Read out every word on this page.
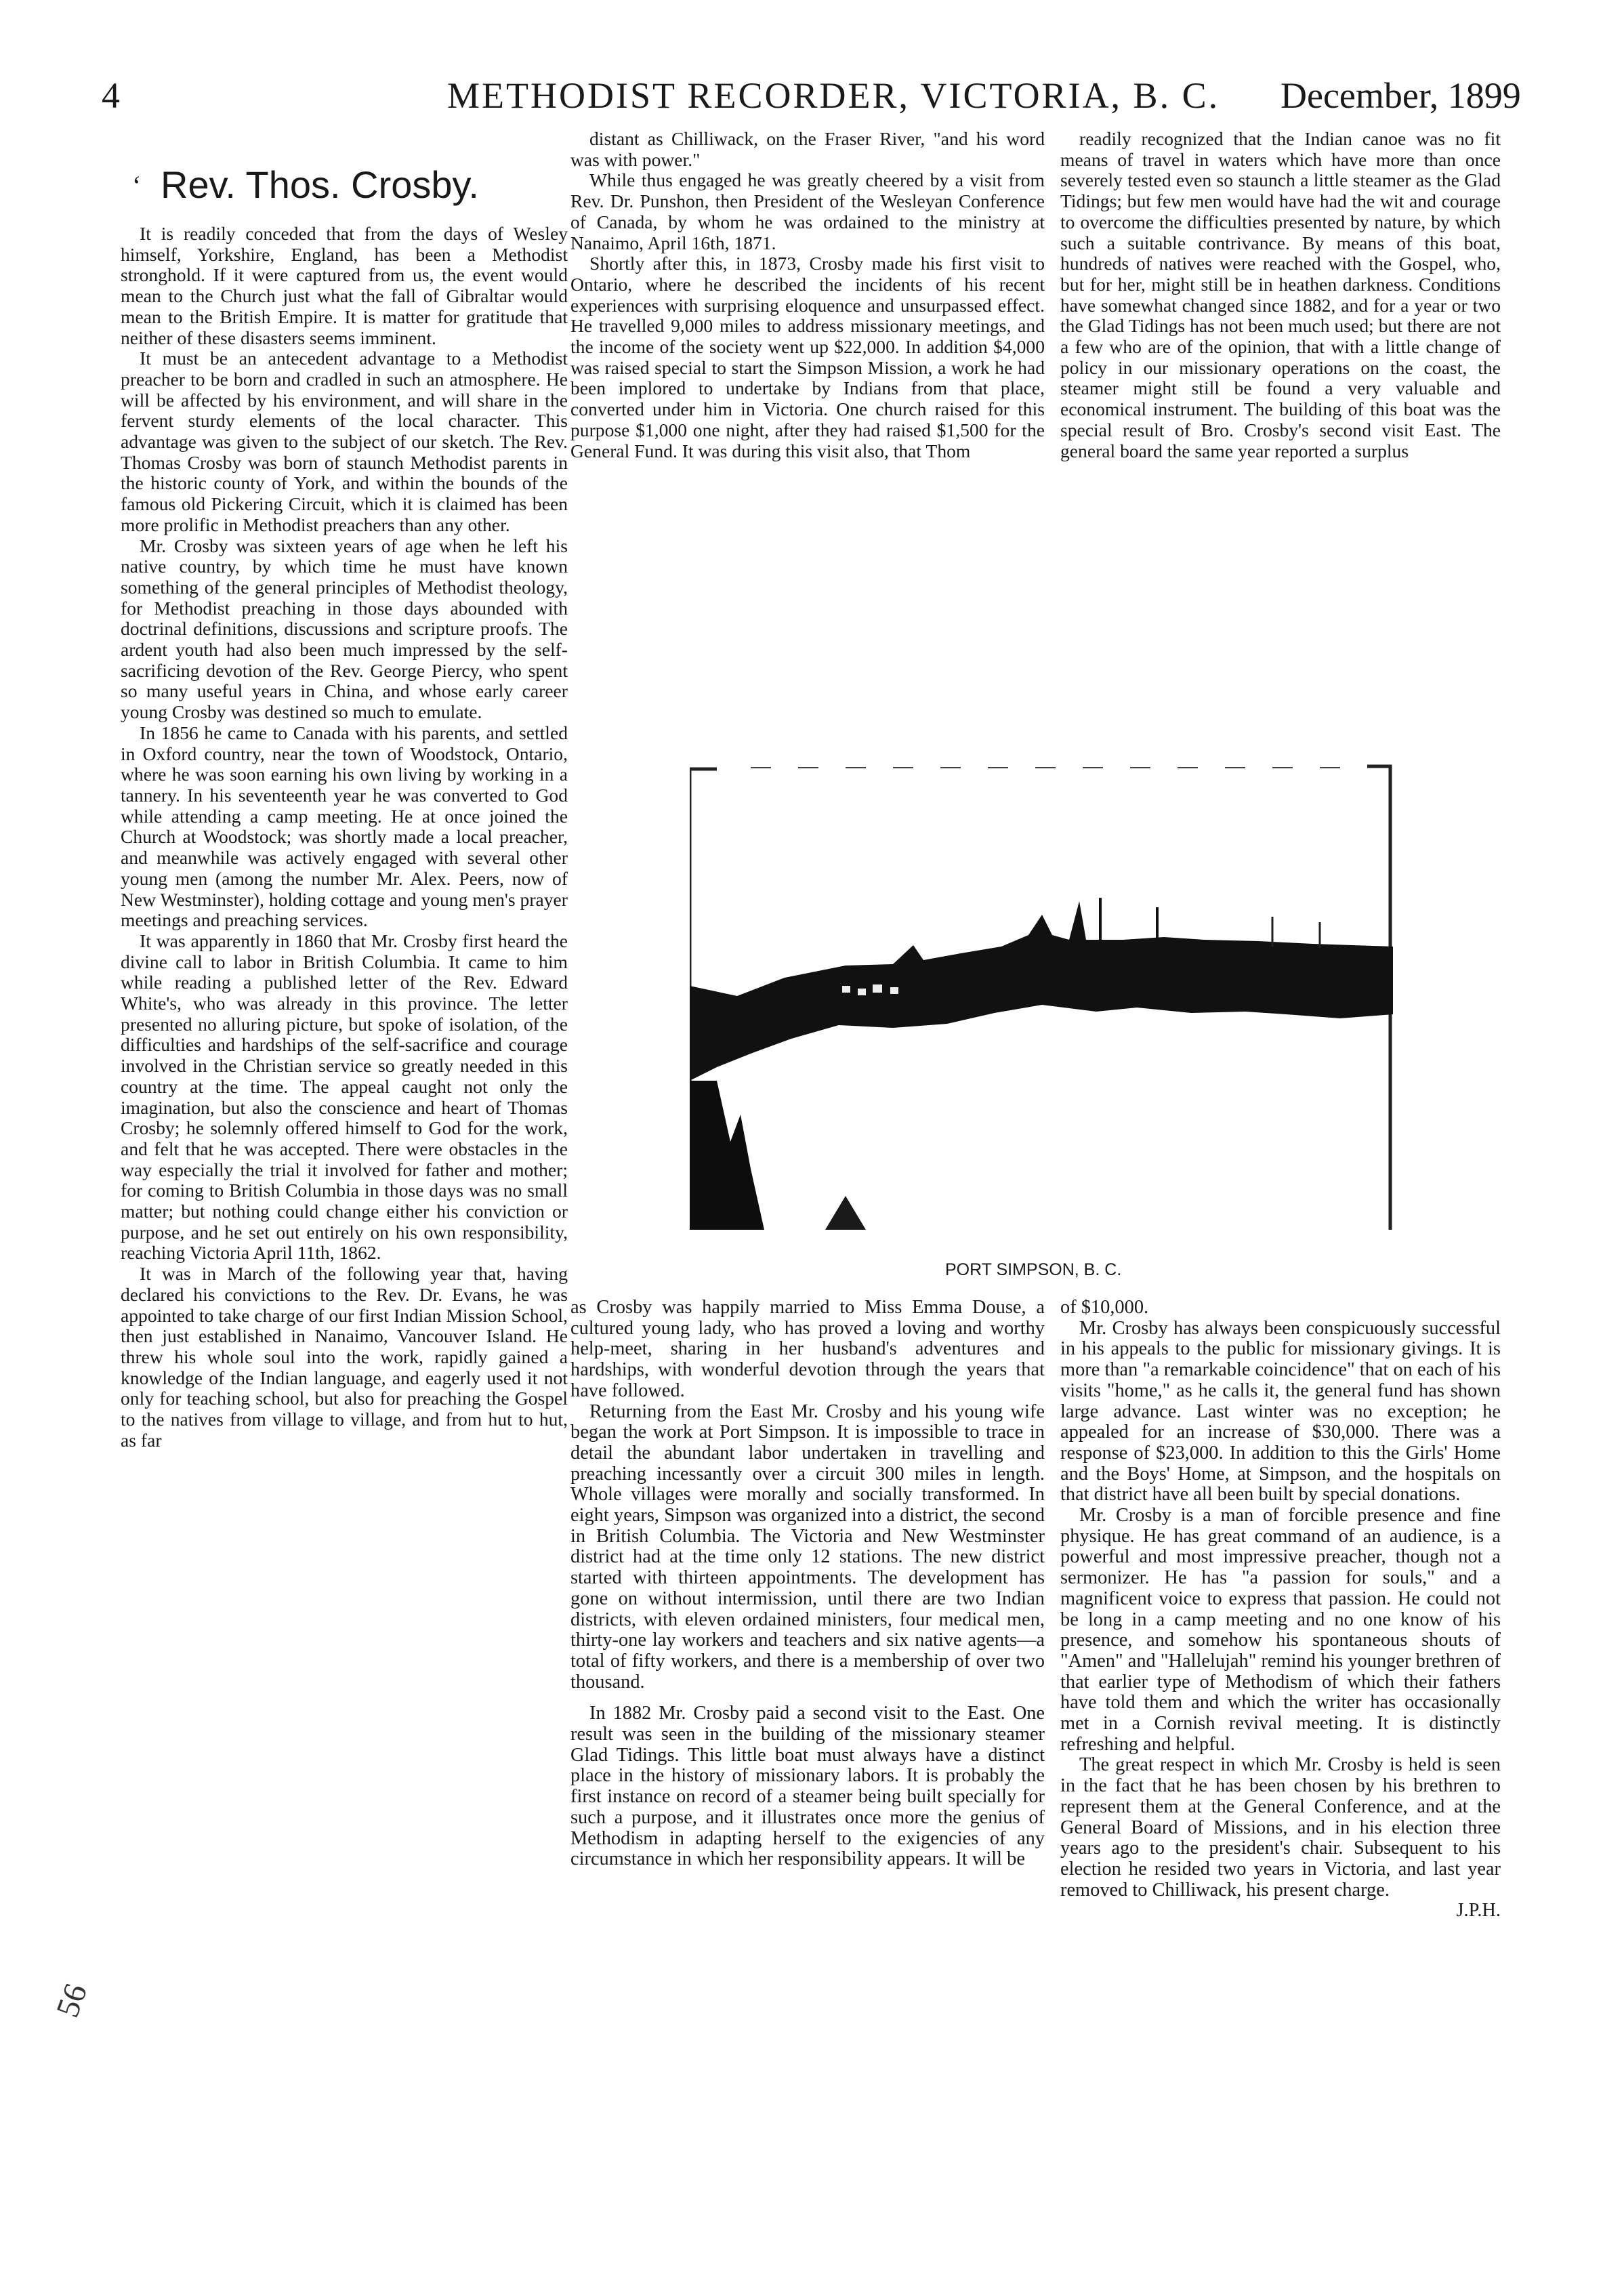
4	METHODIST RECORDER, VICTORIA, B. C. December, 1899
‘ Rev. Thos. Crosby.

It is readily conceded that from the days of Wesley himself, Yorkshire, England, has been a Methodist stronghold. If it were captured from us, the event would mean to the Church just what the fall of Gibraltar would mean to the British Empire. It is matter for gratitude that neither of these disasters seems imminent.

It must be an antecedent advantage to a Methodist preacher to be born and cradled in such an atmosphere. He will be affected by his environment, and will share in the fervent sturdy elements of the local character. This advantage was given to the subject of our sketch. The Rev. Thomas Crosby was born of staunch Methodist parents in the historic county of York, and within the bounds of the famous old Pickering Circuit, which it is claimed has been more prolific in Methodist preachers than any other.

Mr. Crosby was sixteen years of age when he left his native country, by which time he must have known something of the general principles of Methodist theology, for Methodist preaching in those days abounded with doctrinal definitions, discussions and scripture proofs. The ardent youth had also been much impressed by the self-sacrificing devotion of the Rev. George Piercy, who spent so many useful years in China, and whose early career young Crosby was destined so much to emulate.

In 1856 he came to Canada with his parents, and settled in Oxford country, near the town of Woodstock, Ontario, where he was soon earning his own living by working in a tannery. In his seventeenth year he was converted to God while attending a camp meeting. He at once joined the Church at Woodstock; was shortly made a local preacher, and meanwhile was actively engaged with several other young men (among the number Mr. Alex. Peers, now of New Westminster), holding cottage and young men's prayer meetings and preaching services.

It was apparently in 1860 that Mr. Crosby first heard the divine call to labor in British Columbia. It came to him while reading a published letter of the Rev. Edward White's, who was already in this province. The letter presented no alluring picture, but spoke of isolation, of the difficulties and hardships of the self-sacrifice and courage involved in the Christian service so greatly needed in this country at the time. The appeal caught not only the imagination, but also the conscience and heart of Thomas Crosby; he solemnly offered himself to God for the work, and felt that he was accepted. There were obstacles in the way especially the trial it involved for father and mother; for coming to British Columbia in those days was no small matter; but nothing could change either his conviction or purpose, and he set out entirely on his own responsibility, reaching Victoria April 11th, 1862.

It was in March of the following year that, having declared his convictions to the Rev. Dr. Evans, he was appointed to take charge of our first Indian Mission School, then just established in Nanaimo, Vancouver Island. He threw his whole soul into the work, rapidly gained a knowledge of the Indian language, and eagerly used it not only for teaching school, but also for preaching the Gospel to the natives from village to village, and from hut to hut, as far

distant as Chilliwack, on the Fraser River, "and his word was with power."

While thus engaged he was greatly cheered by a visit from Rev. Dr. Punshon, then President of the Wesleyan Conference of Canada, by whom he was ordained to the ministry at Nanaimo, April 16th, 1871.

Shortly after this, in 1873, Crosby made his first visit to Ontario, where he described the incidents of his recent experiences with surprising eloquence and unsurpassed effect. He travelled 9,000 miles to address missionary meetings, and the income of the society went up $22,000. In addition $4,000 was raised special to start the Simpson Mission, a work he had been implored to undertake by Indians from that place, converted under him in Victoria. One church raised for this purpose $1,000 one night, after they had raised $1,500 for the General Fund. It was during this visit also, that Thom

readily recognized that the Indian canoe was no fit means of travel in waters which have more than once severely tested even so staunch a little steamer as the Glad Tidings; but few men would have had the wit and courage to overcome the difficulties presented by nature, by which such a suitable contrivance. By means of this boat, hundreds of natives were reached with the Gospel, who, but for her, might still be in heathen darkness. Conditions have somewhat changed since 1882, and for a year or two the Glad Tidings has not been much used; but there are not a few who are of the opinion, that with a little change of policy in our missionary operations on the coast, the steamer might still be found a very valuable and economical instrument. The building of this boat was the special result of Bro. Crosby's second visit East. The general board the same year reported a surplus

PORT SIMPSON, B. C.

as Crosby was happily married to Miss Emma Douse, a cultured young lady, who has proved a loving and worthy help-meet, sharing in her husband's adventures and hardships, with wonderful devotion through the years that have followed.

Returning from the East Mr. Crosby and his young wife began the work at Port Simpson. It is impossible to trace in detail the abundant labor undertaken in travelling and preaching incessantly over a circuit 300 miles in length. Whole villages were morally and socially transformed. In eight years, Simpson was organized into a district, the second in British Columbia. The Victoria and New Westminster district had at the time only 12 stations. The new district started with thirteen appointments. The development has gone on without intermission, until there are two Indian districts, with eleven ordained ministers, four medical men, thirty-one lay workers and teachers and six native agents—a total of fifty workers, and there is a membership of over two thousand.

In 1882 Mr. Crosby paid a second visit to the East. One result was seen in the building of the missionary steamer Glad Tidings. This little boat must always have a distinct place in the history of missionary labors. It is probably the first instance on record of a steamer being built specially for such a purpose, and it illustrates once more the genius of Methodism in adapting herself to the exigencies of any circumstance in which her responsibility appears. It will be

of $10,000.

Mr. Crosby has always been conspicuously successful in his appeals to the public for missionary givings. It is more than "a remarkable coincidence" that on each of his visits "home," as he calls it, the general fund has shown large advance. Last winter was no exception; he appealed for an increase of $30,000. There was a response of $23,000. In addition to this the Girls' Home and the Boys' Home, at Simpson, and the hospitals on that district have all been built by special donations.

Mr. Crosby is a man of forcible presence and fine physique. He has great command of an audience, is a powerful and most impressive preacher, though not a sermonizer. He has "a passion for souls," and a magnificent voice to express that passion. He could not be long in a camp meeting and no one know of his presence, and somehow his spontaneous shouts of "Amen" and "Hallelujah" remind his younger brethren of that earlier type of Methodism of which their fathers have told them and which the writer has occasionally met in a Cornish revival meeting. It is distinctly refreshing and helpful.

The great respect in which Mr. Crosby is held is seen in the fact that he has been chosen by his brethren to represent them at the General Conference, and at the General Board of Missions, and in his election three years ago to the president's chair. Subsequent to his election he resided two years in Victoria, and last year removed to Chilliwack, his present charge.

J.P.H.

56
